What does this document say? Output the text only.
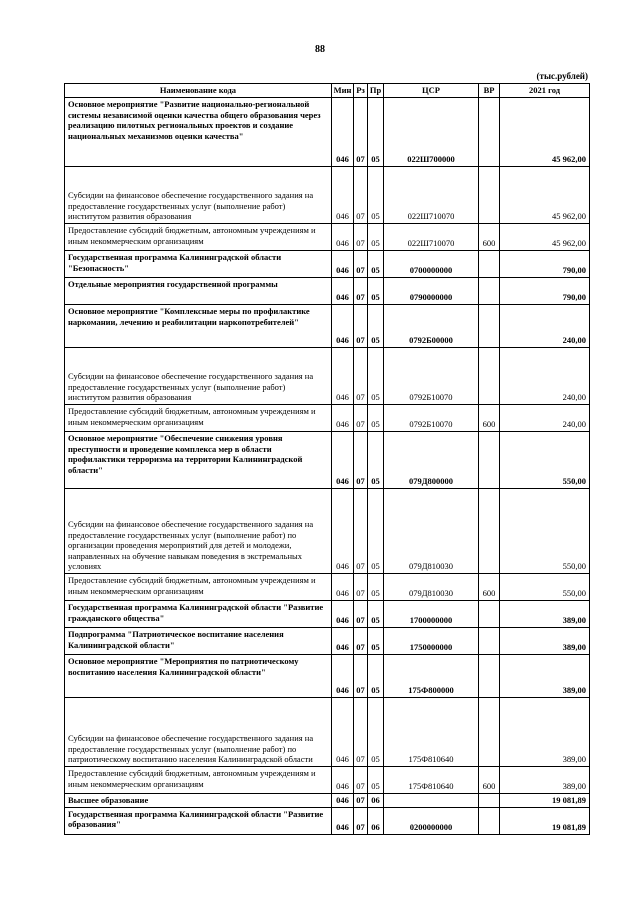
88
(тыс.рублей)
Наименование кода	Мин	Рз	Пр	ЦСР	ВР	2021 год
Основное мероприятие "Развитие национально-региональной системы независимой оценки качества общего образования через реализацию пилотных региональных проектов и создание национальных механизмов оценки качества"	046	07	05	022Ш700000		45 962,00
Субсидии на финансовое обеспечение государственного задания на предоставление государственных услуг (выполнение работ) институтом развития образования	046	07	05	022Ш710070		45 962,00
Предоставление субсидий бюджетным, автономным учреждениям и иным некоммерческим организациям	046	07	05	022Ш710070	600	45 962,00
Государственная программа Калининградской области "Безопасность"	046	07	05	0700000000		790,00
Отдельные мероприятия государственной программы	046	07	05	0790000000		790,00
Основное мероприятие "Комплексные меры по профилактике наркомании, лечению и реабилитации наркопотребителей"	046	07	05	0792Б00000		240,00
Субсидии на финансовое обеспечение государственного задания на предоставление государственных услуг (выполнение работ) институтом развития образования	046	07	05	0792Б10070		240,00
Предоставление субсидий бюджетным, автономным учреждениям и иным некоммерческим организациям	046	07	05	0792Б10070	600	240,00
Основное мероприятие "Обеспечение снижения уровня преступности и проведение комплекса мер в области профилактики терроризма на территории Калининградской области"	046	07	05	079Д800000		550,00
Субсидии на финансовое обеспечение государственного задания на предоставление государственных услуг (выполнение работ) по организации проведения мероприятий для детей и молодежи, направленных на обучение навыкам поведения в экстремальных условиях	046	07	05	079Д810030		550,00
Предоставление субсидий бюджетным, автономным учреждениям и иным некоммерческим организациям	046	07	05	079Д810030	600	550,00
Государственная программа Калининградской области "Развитие гражданского общества"	046	07	05	1700000000		389,00
Подпрограмма "Патриотическое воспитание населения Калининградской области"	046	07	05	1750000000		389,00
Основное мероприятие "Мероприятия по патриотическому воспитанию населения Калининградской области"	046	07	05	175Ф800000		389,00
Субсидии на финансовое обеспечение государственного задания на предоставление государственных услуг (выполнение работ) по патриотическому воспитанию населения Калининградской области	046	07	05	175Ф810640		389,00
Предоставление субсидий бюджетным, автономным учреждениям и иным некоммерческим организациям	046	07	05	175Ф810640	600	389,00
Высшее образование	046	07	06			19 081,89
Государственная программа Калининградской области "Развитие образования"	046	07	06	0200000000		19 081,89
